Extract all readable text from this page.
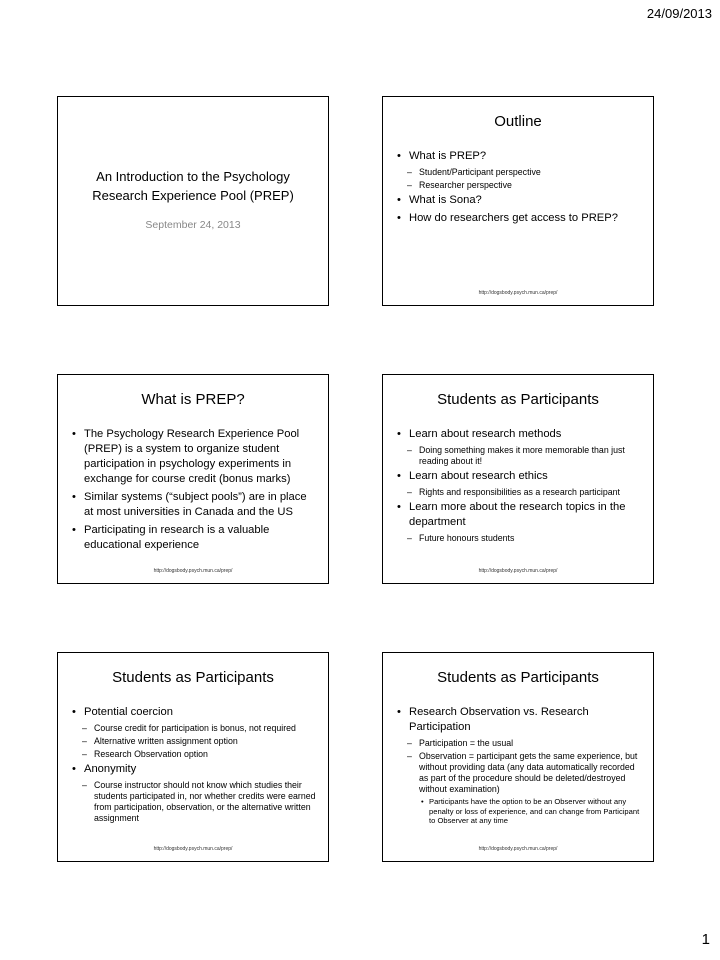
24/09/2013
An Introduction to the Psychology
Research Experience Pool (PREP)
September 24, 2013
Outline
• What is PREP?
– Student/Participant perspective
– Researcher perspective
• What is Sona?
• How do researchers get access to PREP?
http://dogsbody.psych.mun.ca/prep/
What is PREP?
• The Psychology Research Experience Pool (PREP) is a system to organize student participation in psychology experiments in exchange for course credit (bonus marks)
• Similar systems (“subject pools”) are in place at most universities in Canada and the US
• Participating in research is a valuable educational experience
http://dogsbody.psych.mun.ca/prep/
Students as Participants
• Learn about research methods
– Doing something makes it more memorable than just reading about it!
• Learn about research ethics
– Rights and responsibilities as a research participant
• Learn more about the research topics in the department
– Future honours students
http://dogsbody.psych.mun.ca/prep/
Students as Participants
• Potential coercion
– Course credit for participation is bonus, not required
– Alternative written assignment option
– Research Observation option
• Anonymity
– Course instructor should not know which studies their students participated in, nor whether credits were earned from participation, observation, or the alternative written assignment
http://dogsbody.psych.mun.ca/prep/
Students as Participants
• Research Observation vs. Research Participation
– Participation = the usual
– Observation = participant gets the same experience, but without providing data (any data automatically recorded as part of the procedure should be deleted/destroyed without examination)
• Participants have the option to be an Observer without any penalty or loss of experience, and can change from Participant to Observer at any time
http://dogsbody.psych.mun.ca/prep/
1
